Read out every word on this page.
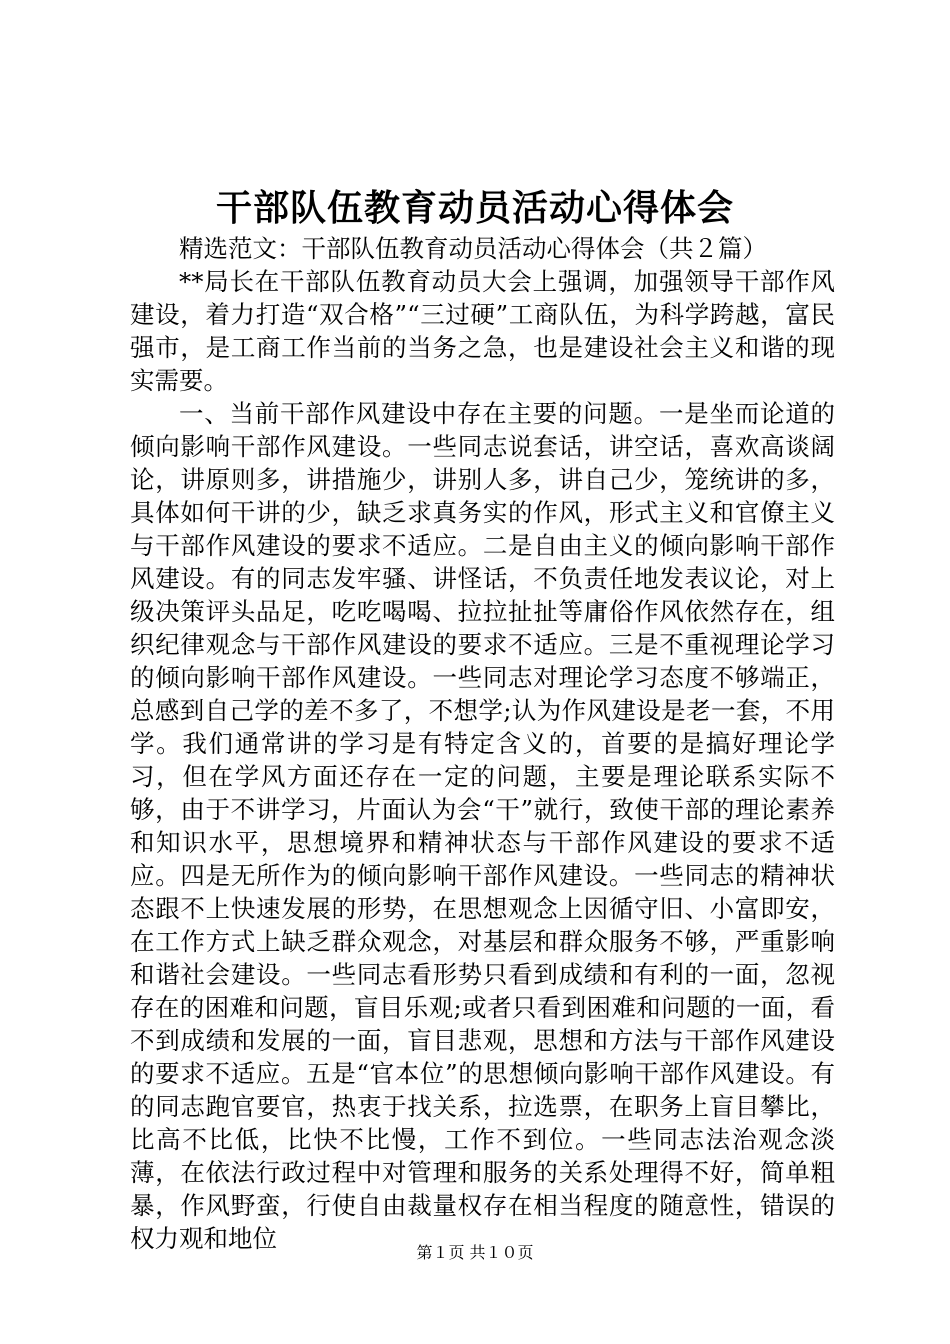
干部队伍教育动员活动心得体会

精选范文：干部队伍教育动员活动心得体会（共２篇）

**局长在干部队伍教育动员大会上强调，加强领导干部作风建设，着力打造“双合格”“三过硬”工商队伍，为科学跨越，富民强市，是工商工作当前的当务之急，也是建设社会主义和谐的现实需要。

一、当前干部作风建设中存在主要的问题。一是坐而论道的倾向影响干部作风建设。一些同志说套话，讲空话，喜欢高谈阔论，讲原则多，讲措施少，讲别人多，讲自己少，笼统讲的多，具体如何干讲的少，缺乏求真务实的作风，形式主义和官僚主义与干部作风建设的要求不适应。二是自由主义的倾向影响干部作风建设。有的同志发牢骚、讲怪话，不负责任地发表议论，对上级决策评头品足，吃吃喝喝、拉拉扯扯等庸俗作风依然存在，组织纪律观念与干部作风建设的要求不适应。三是不重视理论学习的倾向影响干部作风建设。一些同志对理论学习态度不够端正，总感到自己学的差不多了，不想学;认为作风建设是老一套，不用学。我们通常讲的学习是有特定含义的，首要的是搞好理论学习，但在学风方面还存在一定的问题，主要是理论联系实际不够，由于不讲学习，片面认为会“干”就行，致使干部的理论素养和知识水平，思想境界和精神状态与干部作风建设的要求不适应。四是无所作为的倾向影响干部作风建设。一些同志的精神状态跟不上快速发展的形势，在思想观念上因循守旧、小富即安，在工作方式上缺乏群众观念，对基层和群众服务不够，严重影响和谐社会建设。一些同志看形势只看到成绩和有利的一面，忽视存在的困难和问题，盲目乐观;或者只看到困难和问题的一面，看不到成绩和发展的一面，盲目悲观，思想和方法与干部作风建设的要求不适应。五是“官本位”的思想倾向影响干部作风建设。有的同志跑官要官，热衷于找关系，拉选票，在职务上盲目攀比，比高不比低，比快不比慢，工作不到位。一些同志法治观念淡薄，在依法行政过程中对管理和服务的关系处理得不好，简单粗暴，作风野蛮，行使自由裁量权存在相当程度的随意性，错误的权力观和地位	第１页 共１０页
